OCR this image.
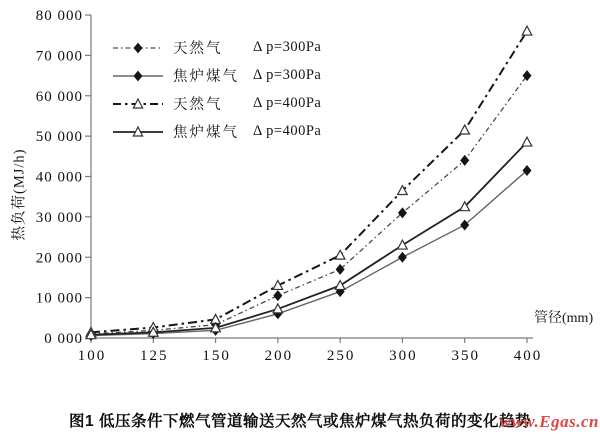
0 000
10 000
20 000
30 000
40 000
50 000
60 000
70 000
80 000
100 125 150 200 250 300 350 400
热负荷(MJ/h)
管径(mm)
天然气	Δ p=300Pa
焦炉煤气 Δ p=300Pa
天然气	Δ p=400Pa
焦炉煤气 Δ p=400Pa
图1 低压条件下燃气管道输送天然气或焦炉煤气热负荷的变化趋势
www.Egas.cn
